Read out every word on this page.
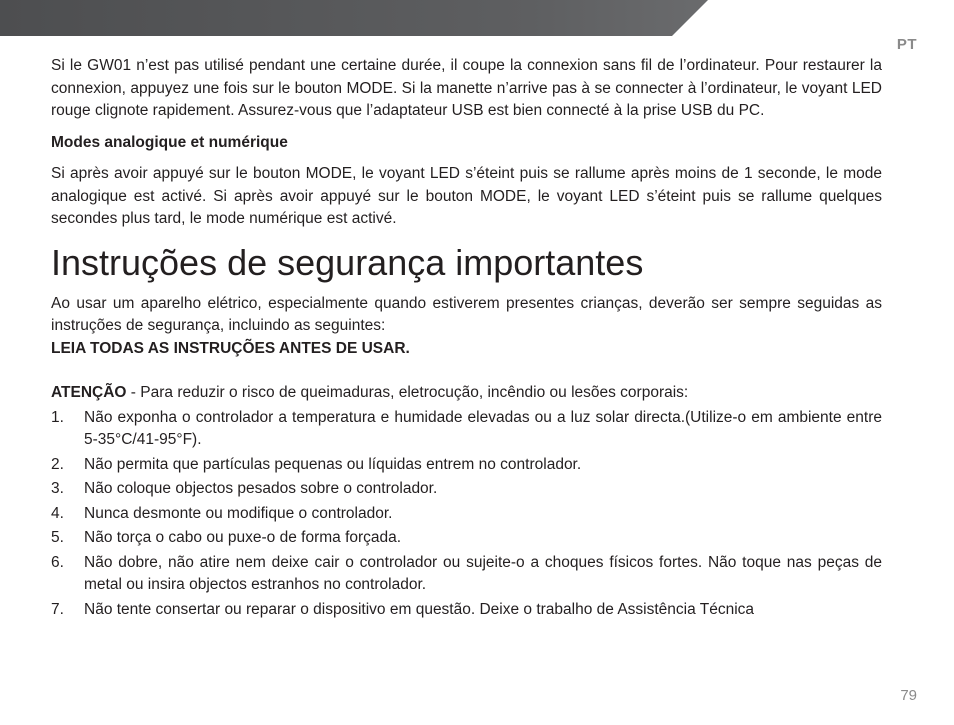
PT

Si le GW01 n’est pas utilisé pendant une certaine durée, il coupe la connexion sans fil de l’ordinateur. Pour restaurer la connexion, appuyez une fois sur le bouton MODE. Si la manette n’arrive pas à se connecter à l’ordinateur, le voyant LED rouge clignote rapidement. Assurez-vous que l’adaptateur USB est bien connecté à la prise USB du PC.

Modes analogique et numérique

Si après avoir appuyé sur le bouton MODE, le voyant LED s’éteint puis se rallume après moins de 1 seconde, le mode analogique est activé. Si après avoir appuyé sur le bouton MODE, le voyant LED s’éteint puis se rallume quelques secondes plus tard, le mode numérique est activé.

Instruções de segurança importantes

Ao usar um aparelho elétrico, especialmente quando estiverem presentes crianças, deverão ser sempre seguidas as instruções de segurança, incluindo as seguintes:

LEIA TODAS AS INSTRUÇÕES ANTES DE USAR.

ATENÇÃO - Para reduzir o risco de queimaduras, eletrocução, incêndio ou lesões corporais:

1. Não exponha o controlador a temperatura e humidade elevadas ou a luz solar directa.(Utilize-o em ambiente entre 5-35°C/41-95°F).
2. Não permita que partículas pequenas ou líquidas entrem no controlador.
3. Não coloque objectos pesados sobre o controlador.
4. Nunca desmonte ou modifique o controlador.
5. Não torça o cabo ou puxe-o de forma forçada.
6. Não dobre, não atire nem deixe cair o controlador ou sujeite-o a choques físicos fortes. Não toque nas peças de metal ou insira objectos estranhos no controlador.
7. Não tente consertar ou reparar o dispositivo em questão. Deixe o trabalho de Assistência Técnica
79
